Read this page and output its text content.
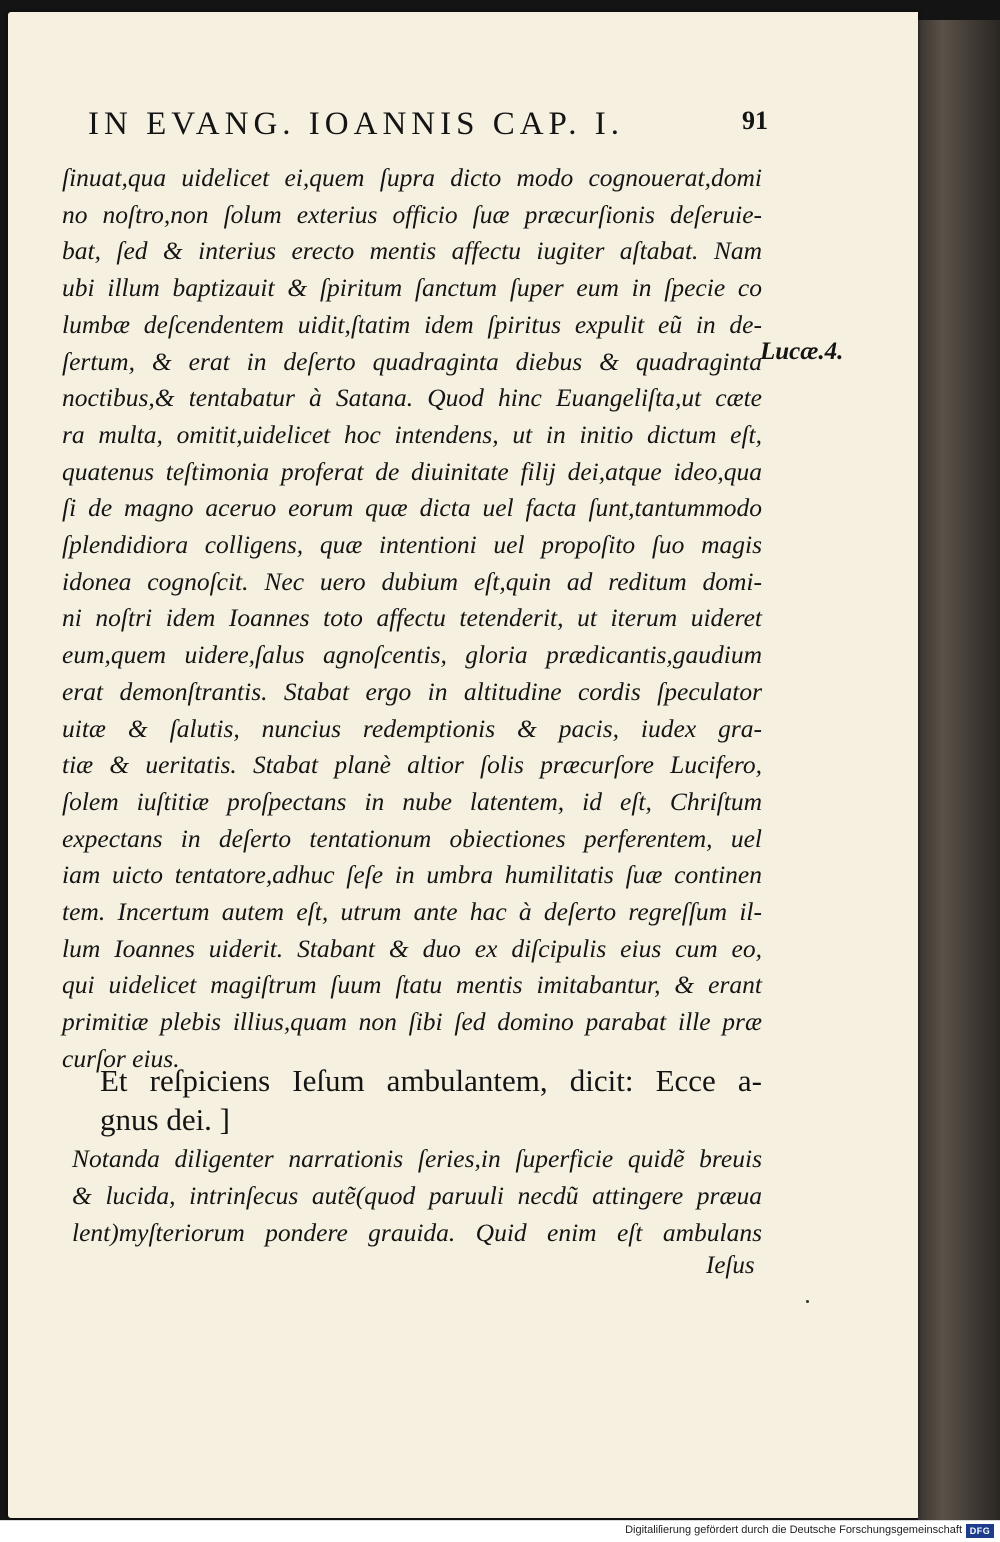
IN EVANG. IOANNIS CAP. I.	91
ſinuat,qua uidelicet ei,quem ſupra dicto modo cognouerat,domi
no noſtro,non ſolum exterius officio ſuæ præcurſionis deſeruie-
bat, ſed & interius erecto mentis affectu iugiter aſtabat. Nam
ubi illum baptizauit & ſpiritum ſanctum ſuper eum in ſpecie co
lumbæ deſcendentem uidit,ſtatim idem ſpiritus expulit eũ in de-
ſertum, & erat in deſerto quadraginta diebus & quadraginta
noctibus,& tentabatur à Satana. Quod hinc Euangeliſta,ut cæte
ra multa, omitit,uidelicet hoc intendens, ut in initio dictum eſt,
quatenus teſtimonia proferat de diuinitate filij dei,atque ideo,qua
ſi de magno aceruo eorum quæ dicta uel facta ſunt,tantummodo
ſplendidiora colligens, quæ intentioni uel propoſito ſuo magis
idonea cognoſcit. Nec uero dubium eſt,quin ad reditum domi-
ni noſtri idem Ioannes toto affectu tetenderit, ut iterum uideret
eum,quem uidere,ſalus agnoſcentis, gloria prædicantis,gaudium
erat demonſtrantis. Stabat ergo in altitudine cordis ſpeculator
uitæ & ſalutis, nuncius redemptionis & pacis, iudex gra-
tiæ & ueritatis. Stabat planè altior ſolis præcurſore Lucifero,
ſolem iuſtitiæ proſpectans in nube latentem, id eſt, Chriſtum
expectans in deſerto tentationum obiectiones perferentem, uel
iam uicto tentatore,adhuc ſeſe in umbra humilitatis ſuæ continen
tem. Incertum autem eſt, utrum ante hac à deſerto regreſſum il-
lum Ioannes uiderit. Stabant & duo ex diſcipulis eius cum eo,
qui uidelicet magiſtrum ſuum ſtatu mentis imitabantur, & erant
primitiæ plebis illius,quam non ſibi ſed domino parabat ille præ
curſor eius.
Lucæ.4.
Et reſpiciens Ieſum ambulantem, dicit: Ecce a-
gnus dei. ]
Notanda diligenter narrationis ſeries,in ſuperficie quidẽ breuis
& lucida, intrinſecus autẽ(quod paruuli necdũ attingere præua
lent)myſteriorum pondere grauida. Quid enim eſt ambulans
Ieſus
Digitaliſierung gefördert durch die Deutsche Forschungsgemeinschaft DFG
